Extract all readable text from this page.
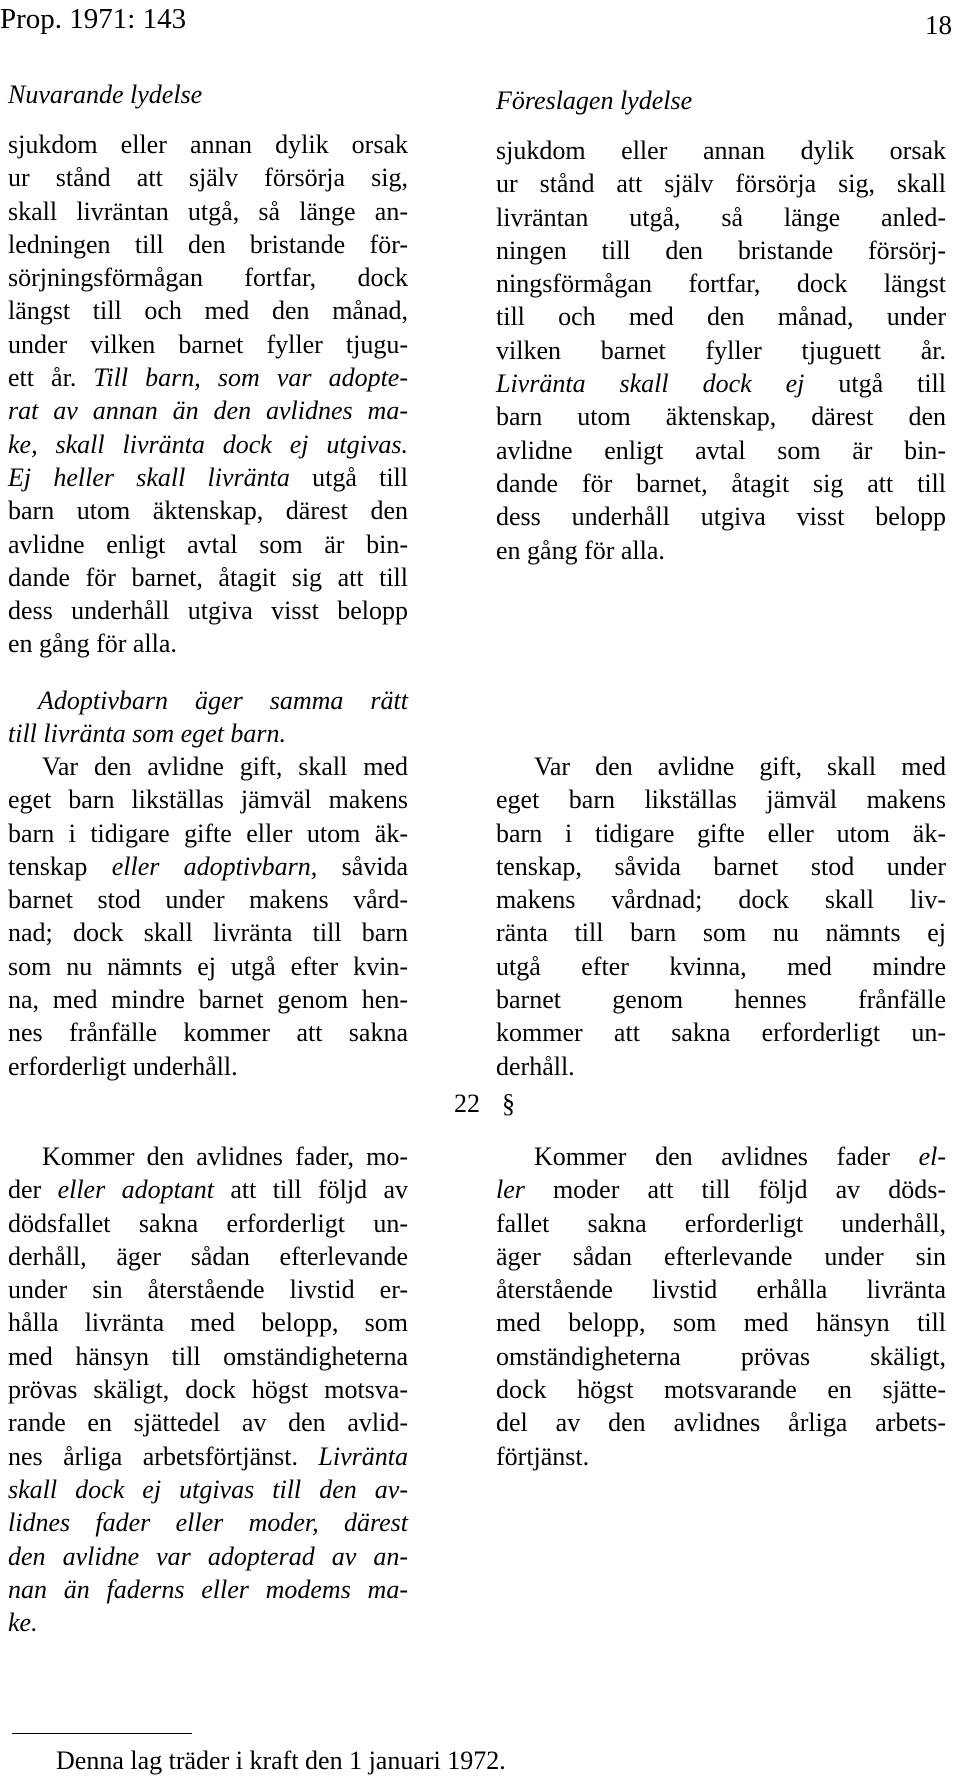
Prop. 1971: 143	18
Nuvarande lydelse
sjukdom eller annan dylik orsak
ur stånd att själv försörja sig,
skall livräntan utgå, så länge an-
ledningen till den bristande för-
sörjningsförmågan fortfar, dock
längst till och med den månad,
under vilken barnet fyller tjugu-
ett år. Till barn, som var adopte-
rat av annan än den avlidnes ma-
ke, skall livränta dock ej utgivas.
Ej heller skall livränta utgå till
barn utom äktenskap, därest den
avlidne enligt avtal som är bin-
dande för barnet, åtagit sig att till
dess underhåll utgiva visst belopp
en gång för alla.
Adoptivbarn äger samma rätt
till livränta som eget barn.
Var den avlidne gift, skall med
eget barn likställas jämväl makens
barn i tidigare gifte eller utom äk-
tenskap eller adoptivbarn, såvida
barnet stod under makens vård-
nad; dock skall livränta till barn
som nu nämnts ej utgå efter kvin-
na, med mindre barnet genom hen-
nes frånfälle kommer att sakna
erforderligt underhåll.
22 §
Kommer den avlidnes fader, mo-
der eller adoptant att till följd av
dödsfallet sakna erforderligt un-
derhåll, äger sådan efterlevande
under sin återstående livstid er-
hålla livränta med belopp, som
med hänsyn till omständigheterna
prövas skäligt, dock högst motsva-
rande en sjättedel av den avlid-
nes årliga arbetsförtjänst. Livränta
skall dock ej utgivas till den av-
lidnes fader eller moder, därest
den avlidne var adopterad av an-
nan än faderns eller modems ma-
ke.
Föreslagen lydelse
sjukdom eller annan dylik orsak
ur stånd att själv försörja sig, skall
livräntan utgå, så länge anled-
ningen till den bristande försörj-
ningsförmågan fortfar, dock längst
till och med den månad, under
vilken barnet fyller tjuguett år.
Livränta skall dock ej utgå till
barn utom äktenskap, därest den
avlidne enligt avtal som är bin-
dande för barnet, åtagit sig att till
dess underhåll utgiva visst belopp
en gång för alla.
Var den avlidne gift, skall med
eget barn likställas jämväl makens
barn i tidigare gifte eller utom äk-
tenskap, såvida barnet stod under
makens vårdnad; dock skall liv-
ränta till barn som nu nämnts ej
utgå efter kvinna, med mindre
barnet genom hennes frånfälle
kommer att sakna erforderligt un-
derhåll.
Kommer den avlidnes fader el-
ler moder att till följd av döds-
fallet sakna erforderligt underhåll,
äger sådan efterlevande under sin
återstående livstid erhålla livränta
med belopp, som med hänsyn till
omständigheterna prövas skäligt,
dock högst motsvarande en sjätte-
del av den avlidnes årliga arbets-
förtjänst.
Denna lag träder i kraft den 1 januari 1972.
